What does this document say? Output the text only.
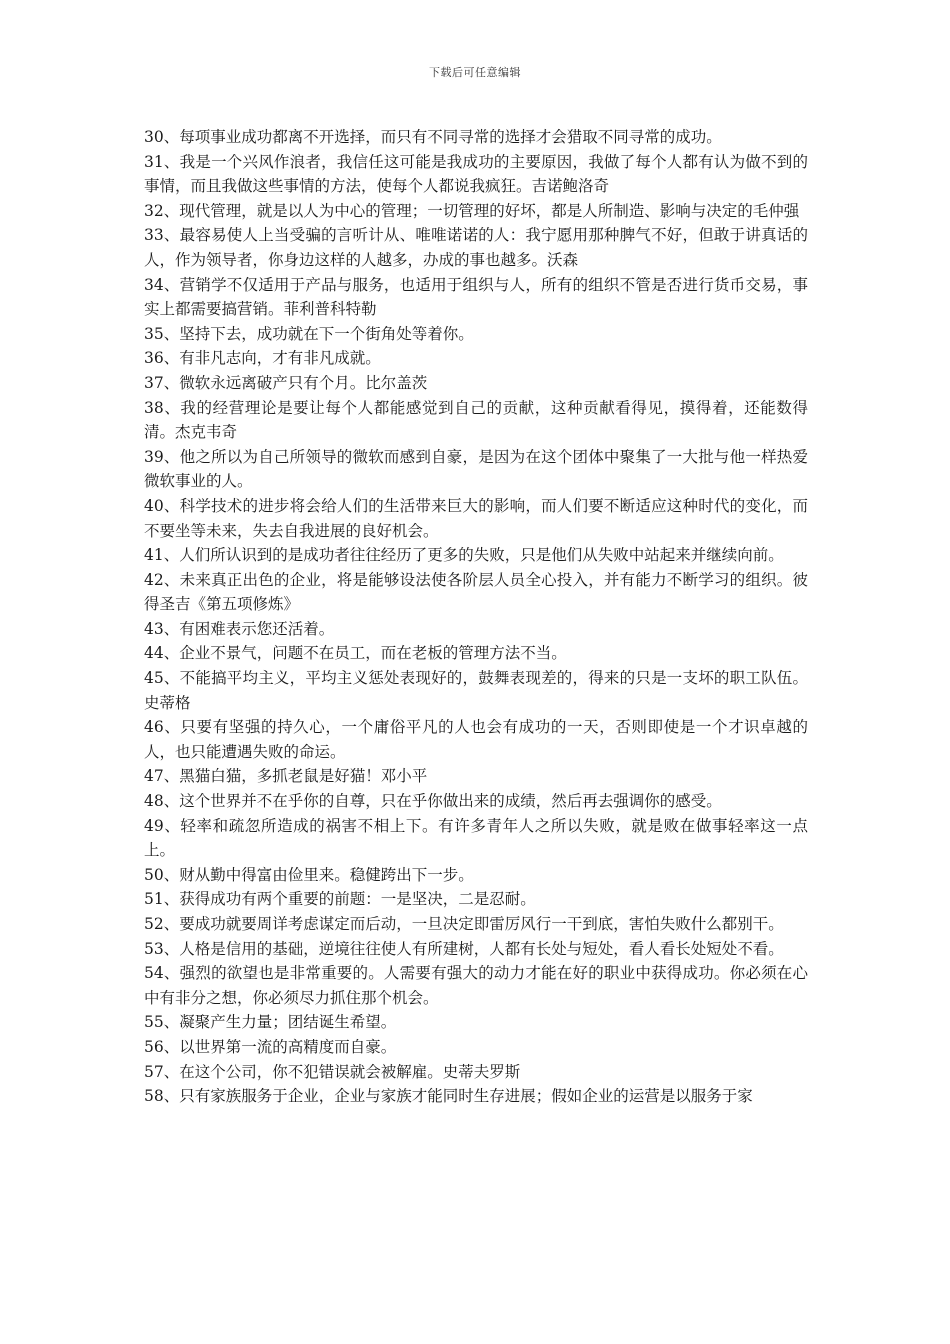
下载后可任意编辑

30、每项事业成功都离不开选择，而只有不同寻常的选择才会猎取不同寻常的成功。

31、我是一个兴风作浪者，我信任这可能是我成功的主要原因，我做了每个人都有认为做不到的事情，而且我做这些事情的方法，使每个人都说我疯狂。吉诺鲍洛奇

32、现代管理，就是以人为中心的管理；一切管理的好坏，都是人所制造、影响与决定的毛仲强

33、最容易使人上当受骗的言听计从、唯唯诺诺的人：我宁愿用那种脾气不好，但敢于讲真话的人，作为领导者，你身边这样的人越多，办成的事也越多。沃森

34、营销学不仅适用于产品与服务，也适用于组织与人，所有的组织不管是否进行货币交易，事实上都需要搞营销。菲利普科特勒

35、坚持下去，成功就在下一个街角处等着你。

36、有非凡志向，才有非凡成就。

37、微软永远离破产只有个月。比尔盖茨

38、我的经营理论是要让每个人都能感觉到自己的贡献，这种贡献看得见，摸得着，还能数得清。杰克韦奇

39、他之所以为自己所领导的微软而感到自豪，是因为在这个团体中聚集了一大批与他一样热爱微软事业的人。

40、科学技术的进步将会给人们的生活带来巨大的影响，而人们要不断适应这种时代的变化，而不要坐等未来，失去自我进展的良好机会。

41、人们所认识到的是成功者往往经历了更多的失败，只是他们从失败中站起来并继续向前。

42、未来真正出色的企业，将是能够设法使各阶层人员全心投入，并有能力不断学习的组织。彼得圣吉《第五项修炼》

43、有困难表示您还活着。

44、企业不景气，问题不在员工，而在老板的管理方法不当。

45、不能搞平均主义，平均主义惩处表现好的，鼓舞表现差的，得来的只是一支坏的职工队伍。史蒂格

46、只要有坚强的持久心，一个庸俗平凡的人也会有成功的一天，否则即使是一个才识卓越的人，也只能遭遇失败的命运。

47、黑猫白猫，多抓老鼠是好猫！邓小平

48、这个世界并不在乎你的自尊，只在乎你做出来的成绩，然后再去强调你的感受。

49、轻率和疏忽所造成的祸害不相上下。有许多青年人之所以失败，就是败在做事轻率这一点上。

50、财从勤中得富由俭里来。稳健跨出下一步。

51、获得成功有两个重要的前题：一是坚决，二是忍耐。

52、要成功就要周详考虑谋定而后动，一旦决定即雷厉风行一干到底，害怕失败什么都别干。

53、人格是信用的基础，逆境往往使人有所建树，人都有长处与短处，看人看长处短处不看。

54、强烈的欲望也是非常重要的。人需要有强大的动力才能在好的职业中获得成功。你必须在心中有非分之想，你必须尽力抓住那个机会。

55、凝聚产生力量；团结诞生希望。

56、以世界第一流的高精度而自豪。

57、在这个公司，你不犯错误就会被解雇。史蒂夫罗斯

58、只有家族服务于企业，企业与家族才能同时生存进展；假如企业的运营是以服务于家
